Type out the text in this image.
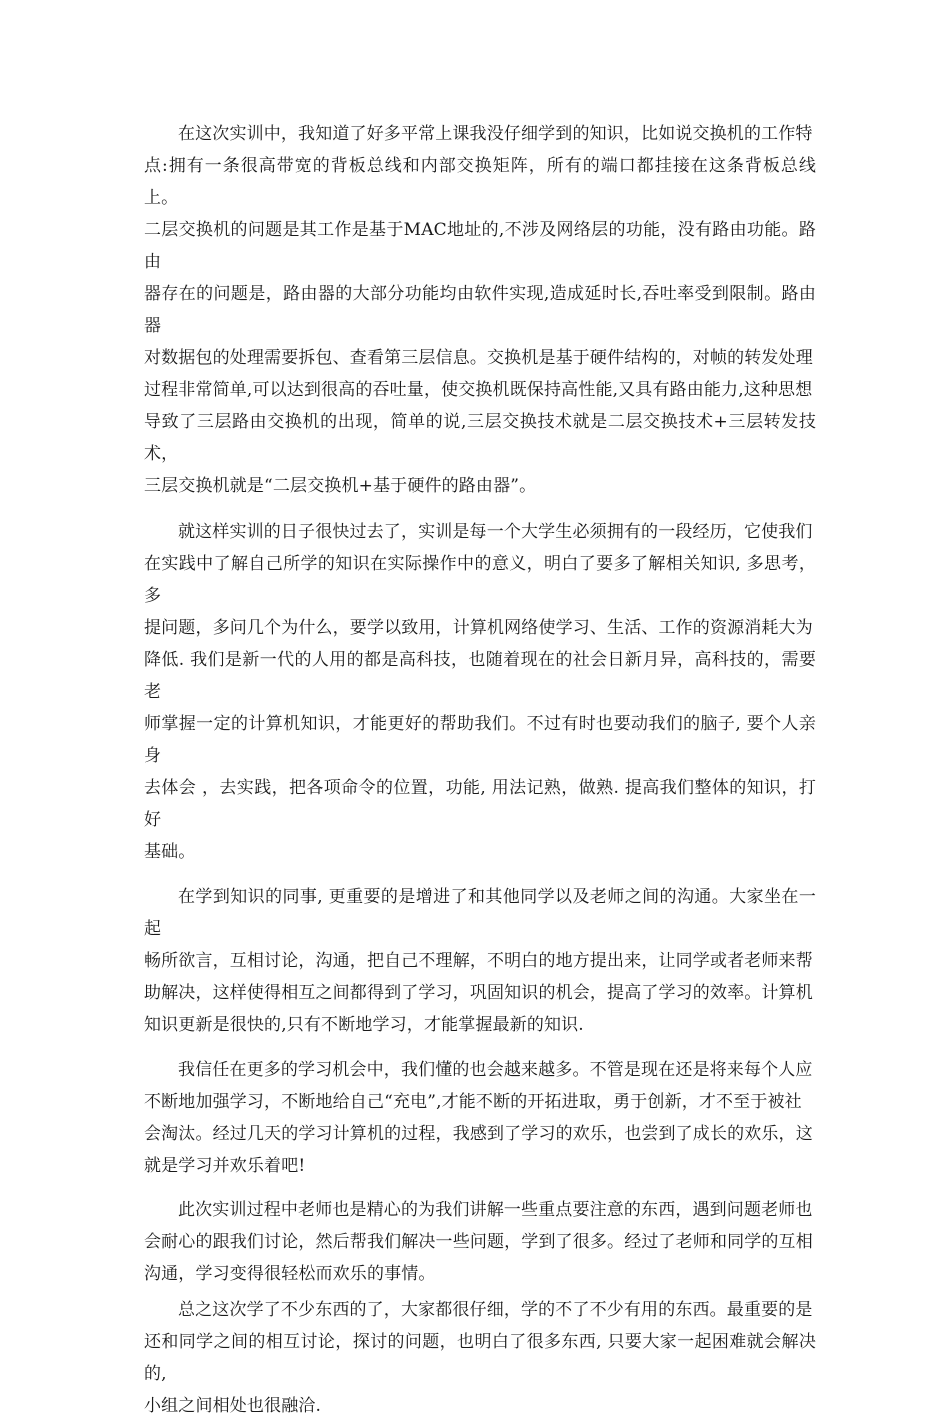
在这次实训中，我知道了好多平常上课我没仔细学到的知识，比如说交换机的工作特
点:拥有一条很高带宽的背板总线和内部交换矩阵，所有的端口都挂接在这条背板总线上。
二层交换机的问题是其工作是基于MAC地址的,不涉及网络层的功能，没有路由功能。路由
器存在的问题是，路由器的大部分功能均由软件实现,造成延时长,吞吐率受到限制。路由器
对数据包的处理需要拆包、查看第三层信息。交换机是基于硬件结构的，对帧的转发处理
过程非常简单,可以达到很高的吞吐量，使交换机既保持高性能,又具有路由能力,这种思想
导致了三层路由交换机的出现，简单的说,三层交换技术就是二层交换技术+三层转发技术，
三层交换机就是“二层交换机+基于硬件的路由器”。

就这样实训的日子很快过去了，实训是每一个大学生必须拥有的一段经历，它使我们
在实践中了解自己所学的知识在实际操作中的意义，明白了要多了解相关知识, 多思考，多
提问题，多问几个为什么，要学以致用，计算机网络使学习、生活、工作的资源消耗大为
降低. 我们是新一代的人用的都是高科技，也随着现在的社会日新月异，高科技的，需要老
师掌握一定的计算机知识，才能更好的帮助我们。不过有时也要动我们的脑子, 要个人亲身
去体会 ，去实践，把各项命令的位置，功能, 用法记熟，做熟. 提高我们整体的知识，打好
基础。

在学到知识的同事, 更重要的是增进了和其他同学以及老师之间的沟通。大家坐在一起
畅所欲言，互相讨论，沟通，把自己不理解，不明白的地方提出来，让同学或者老师来帮
助解决，这样使得相互之间都得到了学习，巩固知识的机会，提高了学习的效率。计算机
知识更新是很快的,只有不断地学习，才能掌握最新的知识.

我信任在更多的学习机会中，我们懂的也会越来越多。不管是现在还是将来每个人应
不断地加强学习，不断地给自己“充电”,才能不断的开拓进取，勇于创新，才不至于被社
会淘汰。经过几天的学习计算机的过程，我感到了学习的欢乐，也尝到了成长的欢乐，这
就是学习并欢乐着吧!

此次实训过程中老师也是精心的为我们讲解一些重点要注意的东西，遇到问题老师也
会耐心的跟我们讨论，然后帮我们解决一些问题，学到了很多。经过了老师和同学的互相
沟通，学习变得很轻松而欢乐的事情。

总之这次学了不少东西的了，大家都很仔细，学的不了不少有用的东西。最重要的是
还和同学之间的相互讨论，探讨的问题，也明白了很多东西, 只要大家一起困难就会解决的,
小组之间相处也很融洽.
